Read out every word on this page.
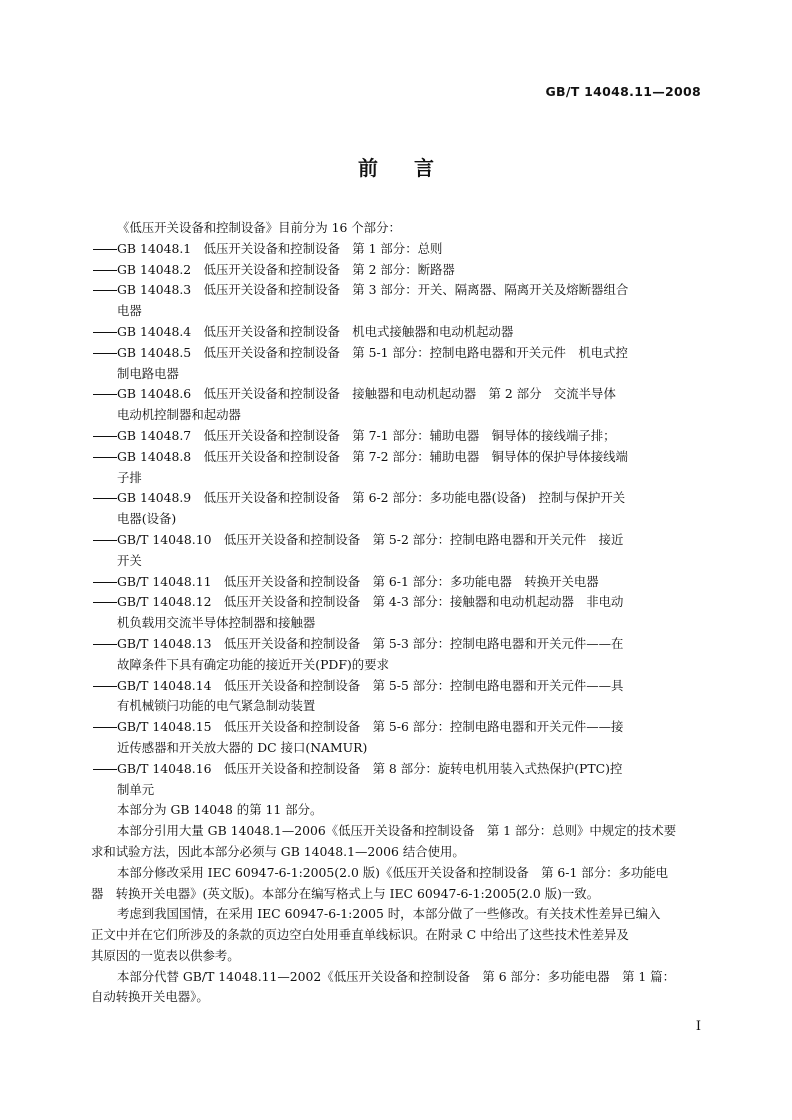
GB/T 14048.11—2008
前言
《低压开关设备和控制设备》目前分为 16 个部分：
GB 14048.1　低压开关设备和控制设备　第 1 部分：总则
GB 14048.2　低压开关设备和控制设备　第 2 部分：断路器
GB 14048.3　低压开关设备和控制设备　第 3 部分：开关、隔离器、隔离开关及熔断器组合
电器
GB 14048.4　低压开关设备和控制设备　机电式接触器和电动机起动器
GB 14048.5　低压开关设备和控制设备　第 5-1 部分：控制电路电器和开关元件　机电式控
制电路电器
GB 14048.6　低压开关设备和控制设备　接触器和电动机起动器　第 2 部分　交流半导体
电动机控制器和起动器
GB 14048.7　低压开关设备和控制设备　第 7-1 部分：辅助电器　铜导体的接线端子排；
GB 14048.8　低压开关设备和控制设备　第 7-2 部分：辅助电器　铜导体的保护导体接线端
子排
GB 14048.9　低压开关设备和控制设备　第 6-2 部分：多功能电器(设备)　控制与保护开关
电器(设备)
GB/T 14048.10　低压开关设备和控制设备　第 5-2 部分：控制电路电器和开关元件　接近
开关
GB/T 14048.11　低压开关设备和控制设备　第 6-1 部分：多功能电器　转换开关电器
GB/T 14048.12　低压开关设备和控制设备　第 4-3 部分：接触器和电动机起动器　非电动
机负载用交流半导体控制器和接触器
GB/T 14048.13　低压开关设备和控制设备　第 5-3 部分：控制电路电器和开关元件——在
故障条件下具有确定功能的接近开关(PDF)的要求
GB/T 14048.14　低压开关设备和控制设备　第 5-5 部分：控制电路电器和开关元件——具
有机械锁闩功能的电气紧急制动装置
GB/T 14048.15　低压开关设备和控制设备　第 5-6 部分：控制电路电器和开关元件——接
近传感器和开关放大器的 DC 接口(NAMUR)
GB/T 14048.16　低压开关设备和控制设备　第 8 部分：旋转电机用装入式热保护(PTC)控
制单元
本部分为 GB 14048 的第 11 部分。
本部分引用大量 GB 14048.1—2006《低压开关设备和控制设备　第 1 部分：总则》中规定的技术要
求和试验方法，因此本部分必须与 GB 14048.1—2006 结合使用。
本部分修改采用 IEC 60947-6-1:2005(2.0 版)《低压开关设备和控制设备　第 6-1 部分：多功能电
器　转换开关电器》(英文版)。本部分在编写格式上与 IEC 60947-6-1:2005(2.0 版)一致。
考虑到我国国情，在采用 IEC 60947-6-1:2005 时，本部分做了一些修改。有关技术性差异已编入
正文中并在它们所涉及的条款的页边空白处用垂直单线标识。在附录 C 中给出了这些技术性差异及
其原因的一览表以供参考。
本部分代替 GB/T 14048.11—2002《低压开关设备和控制设备　第 6 部分：多功能电器　第 1 篇：
自动转换开关电器》。
I
